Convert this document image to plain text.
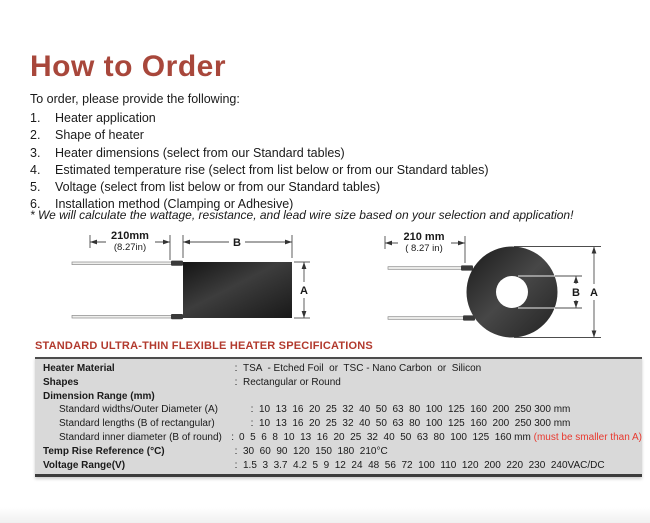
How to Order

To order, please provide the following:

1.	Heater application
2.	Shape of heater
3.	Heater dimensions (select from our Standard tables)
4.	Estimated temperature rise (select from list below or from our Standard tables)
5.	Voltage (select from list below or from our Standard tables)
6.	Installation method (Clamping or Adhesive)

* We will calculate the wattage, resistance, and lead wire size based on your selection and application!

210mm
(8.27in)	B
A
210 mm
( 8.27 in)
B A
STANDARD ULTRA-THIN FLEXIBLE HEATER SPECIFICATIONS
Heater Material	: TSA  - Etched Foil  or  TSC - Nano Carbon  or  Silicon
Shapes	: Rectangular or Round
Dimension Range (mm)
Standard widths/Outer Diameter (A)	: 10  13  16  20  25  32  40  50  63  80  100  125  160  200  250 300 mm
Standard lengths (B of rectangular)	: 10  13  16  20  25  32  40  50  63  80  100  125  160  200  250 300 mm
Standard inner diameter (B of round) : 0  5  6  8  10  13  16  20  25  32  40  50  63  80  100  125  160 mm (must be smaller than A)
Temp Rise Reference (°C)	: 30  60  90  120  150  180  210°C
Voltage Range(V)	: 1.5  3  3.7  4.2  5  9  12  24  48  56  72  100  110  120  200  220  230  240VAC/DC
